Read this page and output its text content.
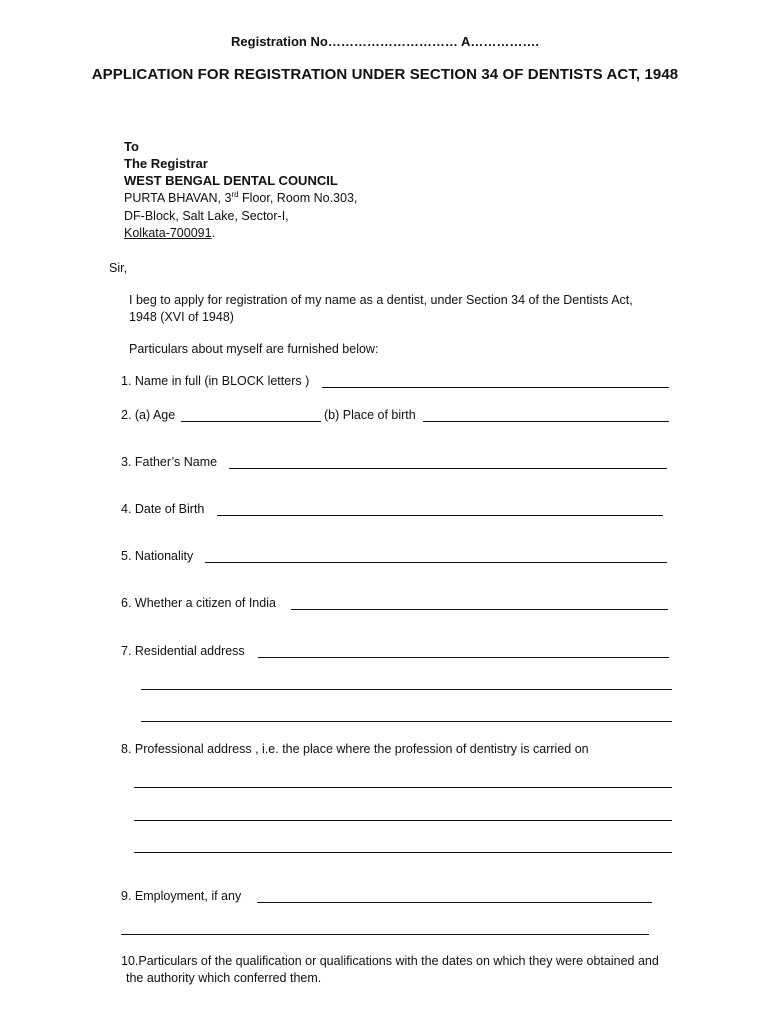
Registration No………………………… A…………….
APPLICATION FOR REGISTRATION UNDER SECTION 34 OF DENTISTS ACT, 1948
To
The Registrar
WEST BENGAL DENTAL COUNCIL
PURTA BHAVAN, 3rd Floor, Room No.303,
DF-Block, Salt Lake, Sector-I,
Kolkata-700091.
Sir,
I beg to apply for registration of my name as a dentist, under Section 34 of the Dentists Act,
1948 (XVI of 1948)
Particulars about myself are furnished below:
1. Name in full (in BLOCK letters )
2. (a) Age	(b) Place of birth
3. Father’s Name
4. Date of Birth
5. Nationality
6. Whether a citizen of India
7. Residential address
8. Professional address , i.e. the place where the profession of dentistry is carried on
9. Employment, if any
10.Particulars of the qualification or qualifications with the dates on which they were obtained and
the authority which conferred them.
